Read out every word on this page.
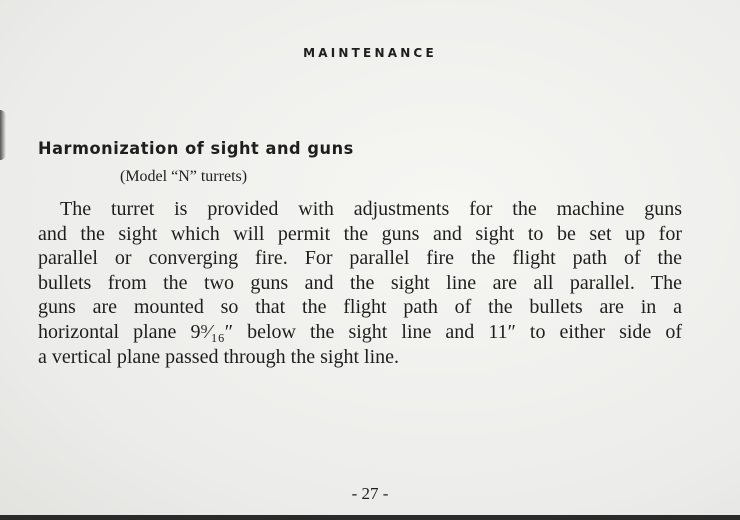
MAINTENANCE
Harmonization of sight and guns
(Model “N” turrets)
The turret is provided with adjustments for the machine guns
and the sight which will permit the guns and sight to be set up for
parallel or converging fire. For parallel fire the flight path of the
bullets from the two guns and the sight line are all parallel. The
guns are mounted so that the flight path of the bullets are in a
horizontal plane 9⁹⁄₁₆″ below the sight line and 11″ to either side of
a vertical plane passed through the sight line.
- 27 -
